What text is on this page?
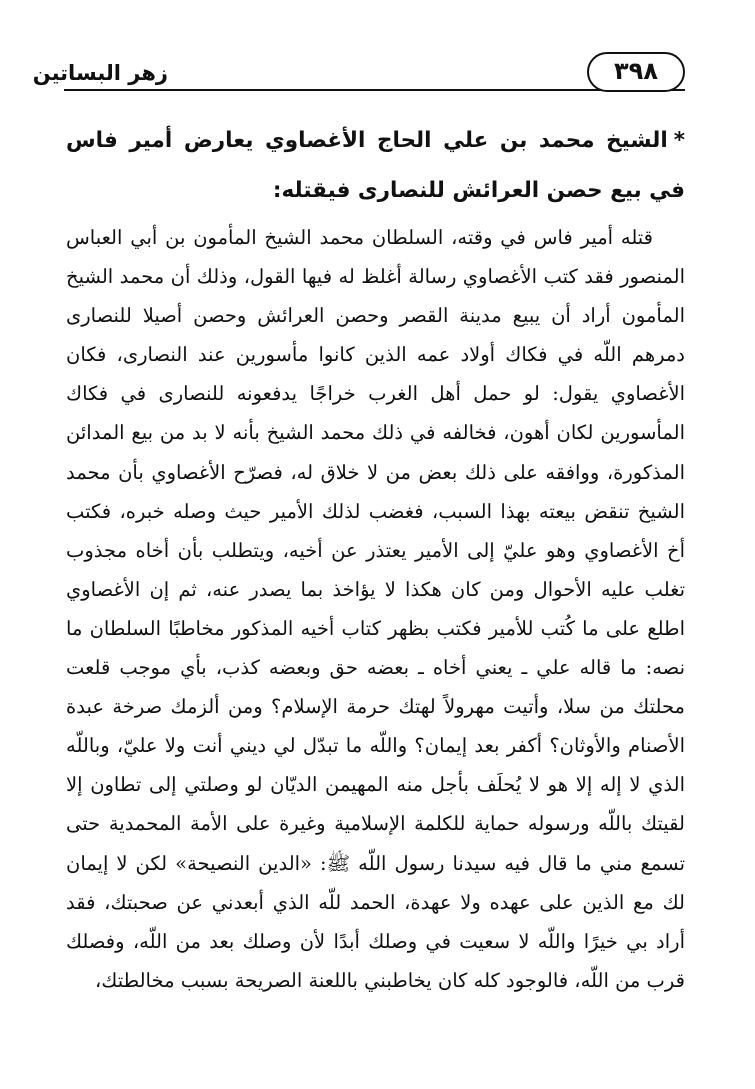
٣٩٨
زهر البساتين
*الشيخ محمد بن علي الحاج الأغصاوي يعارض أمير فاس في بيع حصن العرائش للنصارى فيقتله:

قتله أمير فاس في وقته، السلطان محمد الشيخ المأمون بن أبي العباس المنصور فقد كتب الأغصاوي رسالة أغلظ له فيها القول، وذلك أن محمد الشيخ المأمون أراد أن يبيع مدينة القصر وحصن العرائش وحصن أصيلا للنصارى دمرهم اللّه في فكاك أولاد عمه الذين كانوا مأسورين عند النصارى، فكان الأغصاوي يقول: لو حمل أهل الغرب خراجًا يدفعونه للنصارى في فكاك المأسورين لكان أهون، فخالفه في ذلك محمد الشيخ بأنه لا بد من بيع المدائن المذكورة، ووافقه على ذلك بعض من لا خلاق له، فصرّح الأغصاوي بأن محمد الشيخ تنقض بيعته بهذا السبب، فغضب لذلك الأمير حيث وصله خبره، فكتب أخ الأغصاوي وهو عليّ إلى الأمير يعتذر عن أخيه، ويتطلب بأن أخاه مجذوب تغلب عليه الأحوال ومن كان هكذا لا يؤاخذ بما يصدر عنه، ثم إن الأغصاوي اطلع على ما كُتب للأمير فكتب بظهر كتاب أخيه المذكور مخاطبًا السلطان ما نصه: ما قاله علي ـ يعني أخاه ـ بعضه حق وبعضه كذب، بأي موجب قلعت محلتك من سلا، وأتيت مهرولاً لهتك حرمة الإسلام؟ ومن ألزمك صرخة عبدة الأصنام والأوثان؟ أكفر بعد إيمان؟ واللّه ما تبدّل لي ديني أنت ولا عليّ، وباللّه الذي لا إله إلا هو لا يُحلَف بأجل منه المهيمن الديّان لو وصلتي إلى تطاون إلا لقيتك باللّه ورسوله حماية للكلمة الإسلامية وغيرة على الأمة المحمدية حتى تسمع مني ما قال فيه سيدنا رسول اللّه ﷺ: «الدين النصيحة» لكن لا إيمان لك مع الذين على عهده ولا عهدة، الحمد للّه الذي أبعدني عن صحبتك، فقد أراد بي خيرًا واللّه لا سعيت في وصلك أبدًا لأن وصلك بعد من اللّه، وفصلك قرب من اللّه، فالوجود كله كان يخاطبني باللعنة الصريحة بسبب مخالطتك،
